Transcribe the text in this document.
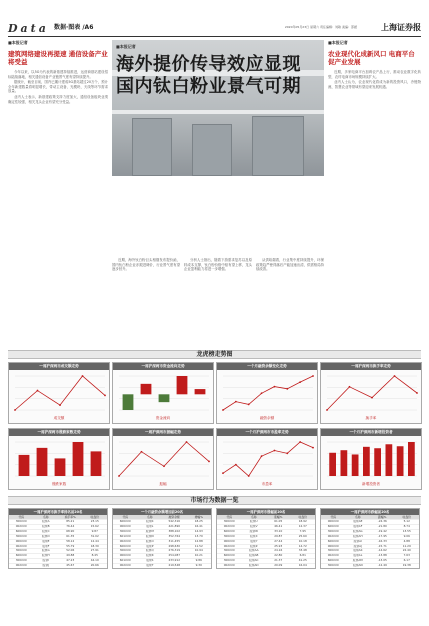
Data 数据·图表 /A6	2020年05月23日 星期六 责任编辑：刘敏 美编：邵媛	上海证券报
■本报记者
建筑网络建设再提速 通信设备产业将受益

今年以来，以5G为代表的新基建持续推进，运营商基站建设招标陆续落地，相关通信设备产业链景气度有望持续提升。

据统计，截至目前，国内已累计建成5G基站超过20万个，预计全年新建数量将明显增长，带动主设备、光模块、天线等环节需求放量。

业内人士表示，新基建政策支持力度加大，通信设备板块业绩确定性较强，相关龙头企业有望充分受益。

■本报记者
海外提价传导效应显现 国内钛白粉业景气可期

近期，海外钛白粉巨头相继发布提价函，国内钛白粉企业亦跟进调价，行业景气度有望逐步回升。

分析人士指出，随着下游需求复苏以及原料成本支撑，钛白粉价格中枢有望上移，龙头企业盈利能力将进一步增强。

从供给端看，行业集中度持续提升，环保政策趋严使得落后产能加速出清，供需格局持续改善。

■本报记者
农业现代化成新风口 电商平台促产业发展

近期，多家电商平台加码农产品上行，推动农业数字化转型，农村电商市场规模持续扩大。

业内人士认为，农业现代化将成为新的投资风口，冷链物流、智慧农业等领域有望迎来发展机遇。

龙虎榜走势图
一周沪深两市成交额走势
成交额
一周沪深两市资金流向走势
资金流向
一个月融资余额变化走势
融资余额
一周沪深两市换手率走势
换手率
一周沪深两市涨跌家数走势
涨跌家数
一周沪深两市振幅走势
振幅
一个月沪深两市市盈率走势
市盈率
一个月沪深两市新增投资者
新增投资者
市场行为数据一览
一周沪深两市换手率排名前20名
代码	名称	换手率%	收盘价
300XXX	股票A	85.21	23.15
002XXX	股票B	76.44	15.62
600XXX	股票C	68.90	9.87
300XXX	股票D	61.35	31.02
000XXX	股票E	58.12	12.44
002XXX	股票F	55.79	18.30
300XXX	股票G	52.06	27.91
600XXX	股票H	49.88	8.45
300XXX	股票I	47.23	44.10
002XXX	股票J	45.67	20.66
一个月融资余额增加前20名
代码	名称	融资余额	增幅%
600XXX	股票K	542,316	18.25
000XXX	股票L	421,890	16.41
300XXX	股票M	388,102	14.93
601XXX	股票N	352,764	13.70
002XXX	股票O	311,455	12.88
600XXX	股票P	298,630	11.52
300XXX	股票Q	276,319	10.94
000XXX	股票R	254,087	10.21
601XXX	股票S	233,912	9.86
002XXX	股票T	219,548	9.30
一周沪深两市涨幅前20名
代码	名称	涨幅%	收盘价
300XXX	股票U	61.05	18.92
002XXX	股票V	46.41	12.37
600XXX	股票W	33.10	7.95
300XXX	股票X	29.87	25.60
000XXX	股票Y	27.44	10.18
002XXX	股票Z	25.93	14.72
300XXX	股票AA	24.16	33.48
600XXX	股票AB	22.80	6.81
300XXX	股票AC	21.37	41.25
002XXX	股票AD	20.09	16.04
一周沪深两市跌幅前20名
代码	名称	跌幅%	收盘价
000XXX	股票AE	-24.36	5.12
600XXX	股票AF	-21.80	8.74
300XXX	股票AG	-19.42	13.55
002XXX	股票AH	-17.95	9.06
600XXX	股票AI	-16.33	4.88
000XXX	股票AJ	-15.71	11.29
300XXX	股票AK	-14.62	22.40
002XXX	股票AL	-13.88	7.63
600XXX	股票AM	-13.05	6.17
300XXX	股票AN	-12.49	19.38
